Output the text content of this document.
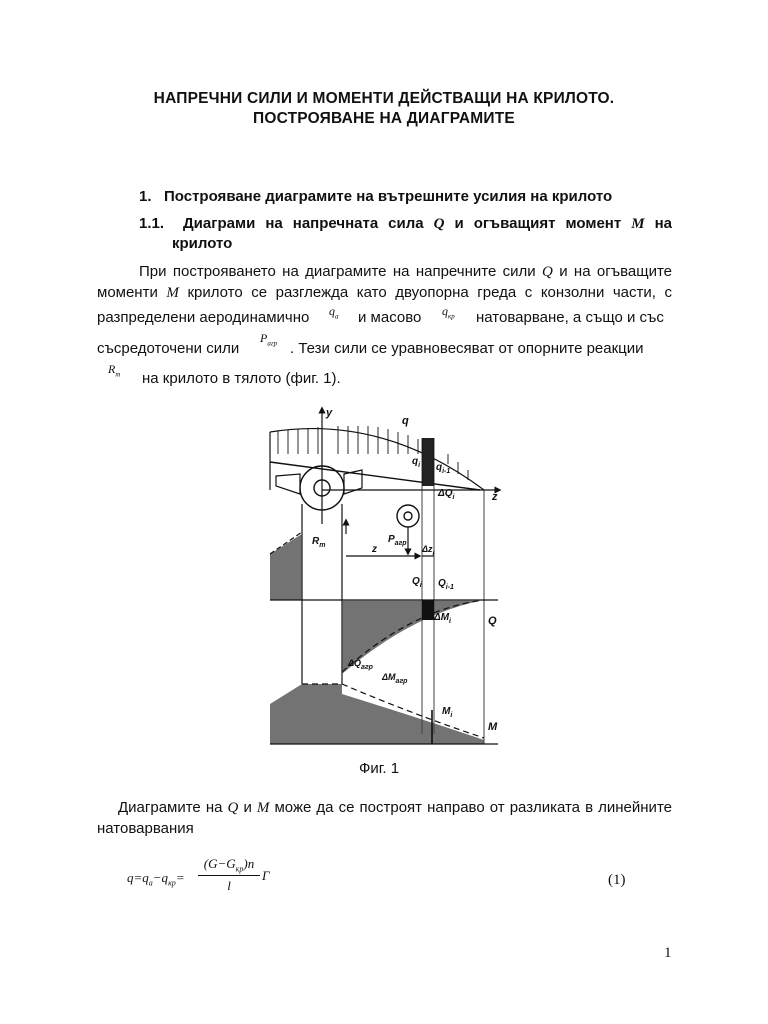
НАПРЕЧНИ СИЛИ И МОМЕНТИ ДЕЙСТВАЩИ НА КРИЛОТО.
ПОСТРОЯВАНЕ НА ДИАГРАМИТЕ
1. Построяване диаграмите на вътрешните усилия на крилото
1.1. Диаграми на напречната сила Q и огъващият момент M на
крилото
При построяването на диаграмите на напречните сили Q и на огъващите
моменти M крилото се разглежда като двуопорна греда с конзолни части, с
разпределени аеродинамично $q_a$ и масово $q_{кр}$ натоварване, а също и със
съсредоточени сили
$P_{агр}$ . Тези сили се уравновесяват от опорните реакции
$R_т$ на крилото в тялото (фиг. 1).
y
q
$q_i$ $q_{i-1}$
$\Delta Q_i$	z
$R_т$
$P_{агр}$
z	$\Delta z_i$
$Q_i$ $Q_{i-1}$
$\Delta M_i$	Q
$\Delta Q_{агр}$
$\Delta M_{агр}$
$M_i$
M
Фиг. 1
Диаграмите на Q и M може да се построят направо от разликата в линейните
натоварвания
$q=q_a-q_{кр}=$
$(G-G_{кр})n$
l
Γ	(1)
1
